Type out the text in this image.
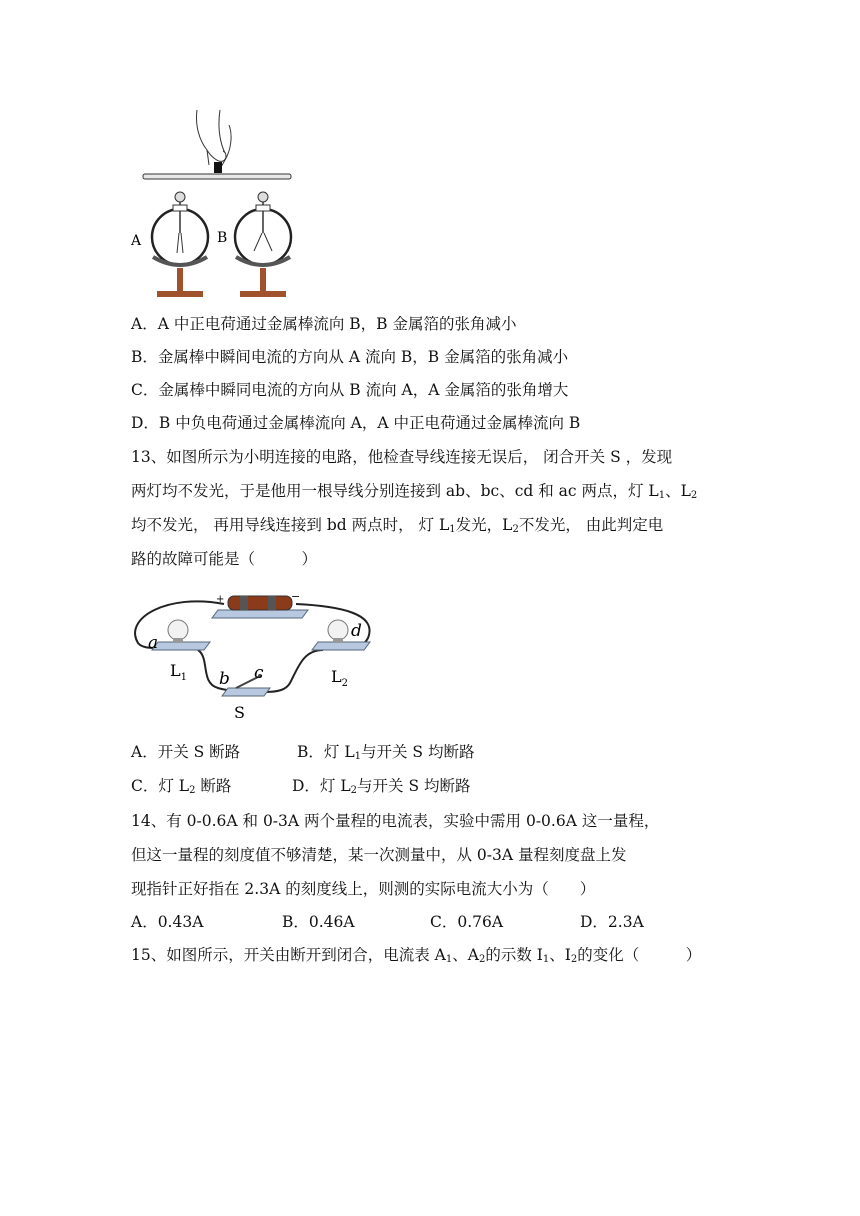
A	B
A．A 中正电荷通过金属棒流向 B，B 金属箔的张角减小
B．金属棒中瞬间电流的方向从 A 流向 B，B 金属箔的张角减小
C．金属棒中瞬同电流的方向从 B 流向 A，A 金属箔的张角增大
D．B 中负电荷通过金属棒流向 A，A 中正电荷通过金属棒流向 B
13、如图所示为小明连接的电路，他检查导线连接无误后， 闭合开关 S ，发现
两灯均不发光，于是他用一根导线分别连接到 ab、bc、cd 和 ac 两点，灯 $L_1$、$L_2$
均不发光， 再用导线连接到 bd 两点时， 灯 $L_1$发光，$L_2$不发光， 由此判定电
路的故障可能是（　　　）
+	−
a
b c
d
$L_1$	$L_2$
S
A．开关 S 断路	B．灯 $L_1$与开关 S 均断路
C．灯 $L_2$ 断路	D．灯 $L_2$与开关 S 均断路
14、有 0-0.6A 和 0-3A 两个量程的电流表，实验中需用 0-0.6A 这一量程，
但这一量程的刻度值不够清楚，某一次测量中，从 0-3A 量程刻度盘上发
现指针正好指在 2.3A 的刻度线上，则测的实际电流大小为（　　）
A．0.43A	B．0.46A	C．0.76A	D．2.3A
15、如图所示，开关由断开到闭合，电流表 $A_1$、$A_2$的示数 $I_1$、$I_2$的变化（　　　）
